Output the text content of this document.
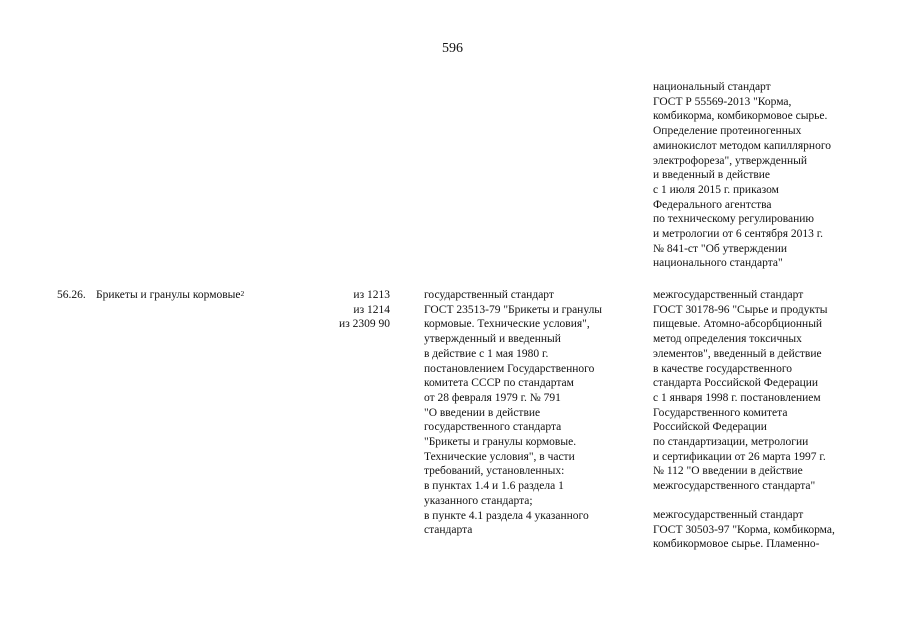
596
национальный стандарт
ГОСТ Р 55569-2013 "Корма,
комбикорма, комбикормовое сырье.
Определение протеиногенных
аминокислот методом капиллярного
электрофореза", утвержденный
и введенный в действие
с 1 июля 2015 г. приказом
Федерального агентства
по техническому регулированию
и метрологии от 6 сентября 2013 г.
№ 841-ст "Об утверждении
национального стандарта"
56.26. Брикеты и гранулы кормовые$^2$	из 1213
из 1214
из 2309 90
государственный стандарт
ГОСТ 23513-79 "Брикеты и гранулы
кормовые. Технические условия",
утвержденный и введенный
в действие с 1 мая 1980 г.
постановлением Государственного
комитета СССР по стандартам
от 28 февраля 1979 г. № 791
"О введении в действие
государственного стандарта
"Брикеты и гранулы кормовые.
Технические условия", в части
требований, установленных:
в пунктах 1.4 и 1.6 раздела 1
указанного стандарта;
в пункте 4.1 раздела 4 указанного
стандарта
межгосударственный стандарт
ГОСТ 30178-96 "Сырье и продукты
пищевые. Атомно-абсорбционный
метод определения токсичных
элементов", введенный в действие
в качестве государственного
стандарта Российской Федерации
с 1 января 1998 г. постановлением
Государственного комитета
Российской Федерации
по стандартизации, метрологии
и сертификации от 26 марта 1997 г.
№ 112 "О введении в действие
межгосударственного стандарта"
межгосударственный стандарт
ГОСТ 30503-97 "Корма, комбикорма,
комбикормовое сырье. Пламенно-
